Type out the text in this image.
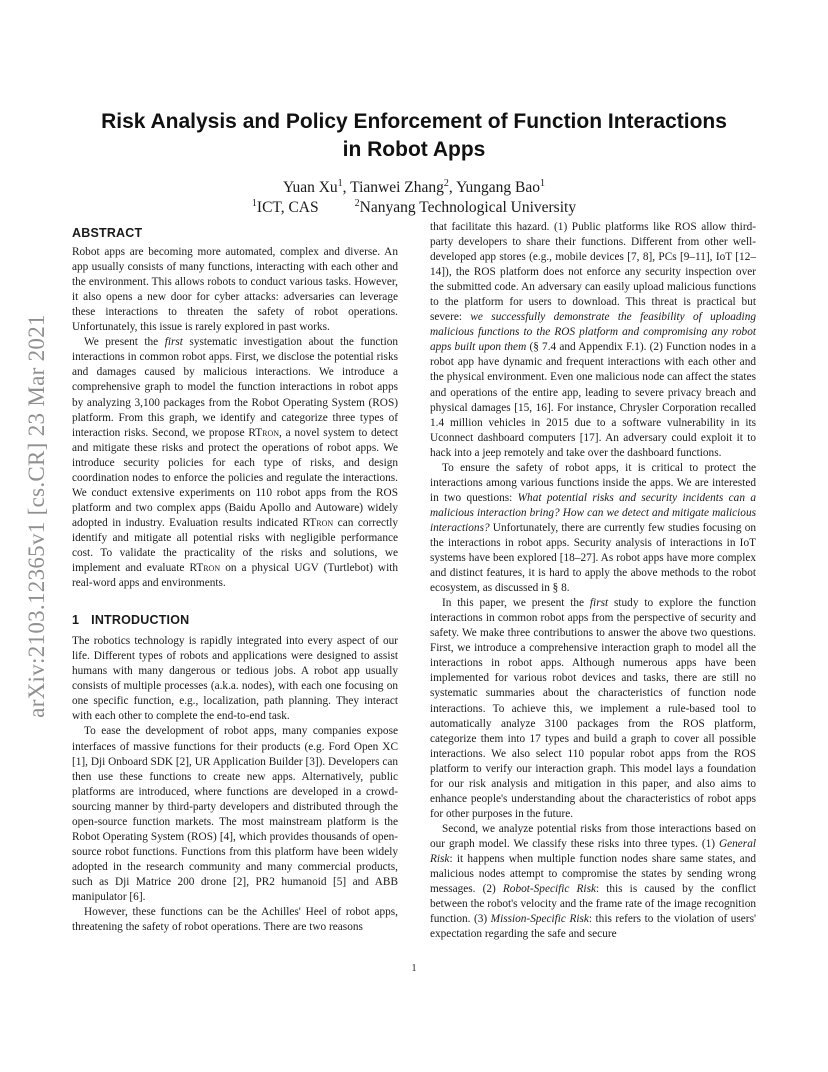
arXiv:2103.12365v1 [cs.CR] 23 Mar 2021
Risk Analysis and Policy Enforcement of Function Interactions
in Robot Apps
Yuan Xu$^1$, Tianwei Zhang$^2$, Yungang Bao$^1$
$^1$ICT, CAS	$^2$Nanyang Technological University
ABSTRACT

Robot apps are becoming more automated, complex and diverse. An app usually consists of many functions, interacting with each other and the environment. This allows robots to conduct various tasks. However, it also opens a new door for cyber attacks: adversaries can leverage these interactions to threaten the safety of robot operations. Unfortunately, this issue is rarely explored in past works.

We present the first systematic investigation about the function interactions in common robot apps. First, we disclose the potential risks and damages caused by malicious interactions. We introduce a comprehensive graph to model the function interactions in robot apps by analyzing 3,100 packages from the Robot Operating System (ROS) platform. From this graph, we identify and categorize three types of interaction risks. Second, we propose RTron, a novel system to detect and mitigate these risks and protect the operations of robot apps. We introduce security policies for each type of risks, and design coordination nodes to enforce the policies and regulate the interactions. We conduct extensive experiments on 110 robot apps from the ROS platform and two complex apps (Baidu Apollo and Autoware) widely adopted in industry. Evaluation results indicated RTron can correctly identify and mitigate all potential risks with negligible performance cost. To validate the practicality of the risks and solutions, we implement and evaluate RTron on a physical UGV (Turtlebot) with real-word apps and environments.

1 INTRODUCTION

The robotics technology is rapidly integrated into every aspect of our life. Different types of robots and applications were designed to assist humans with many dangerous or tedious jobs. A robot app usually consists of multiple processes (a.k.a. nodes), with each one focusing on one specific function, e.g., localization, path planning. They interact with each other to complete the end-to-end task.

To ease the development of robot apps, many companies expose interfaces of massive functions for their products (e.g. Ford Open XC [1], Dji Onboard SDK [2], UR Application Builder [3]). Developers can then use these functions to create new apps. Alternatively, public platforms are introduced, where functions are developed in a crowd-sourcing manner by third-party developers and distributed through the open-source function markets. The most mainstream platform is the Robot Operating System (ROS) [4], which provides thousands of open-source robot functions. Functions from this platform have been widely adopted in the research community and many commercial products, such as Dji Matrice 200 drone [2], PR2 humanoid [5] and ABB manipulator [6].

However, these functions can be the Achilles' Heel of robot apps, threatening the safety of robot operations. There are two reasons

that facilitate this hazard. (1) Public platforms like ROS allow third-party developers to share their functions. Different from other well-developed app stores (e.g., mobile devices [7, 8], PCs [9–11], IoT [12–14]), the ROS platform does not enforce any security inspection over the submitted code. An adversary can easily upload malicious functions to the platform for users to download. This threat is practical but severe: we successfully demonstrate the feasibility of uploading malicious functions to the ROS platform and compromising any robot apps built upon them (§ 7.4 and Appendix F.1). (2) Function nodes in a robot app have dynamic and frequent interactions with each other and the physical environment. Even one malicious node can affect the states and operations of the entire app, leading to severe privacy breach and physical damages [15, 16]. For instance, Chrysler Corporation recalled 1.4 million vehicles in 2015 due to a software vulnerability in its Uconnect dashboard computers [17]. An adversary could exploit it to hack into a jeep remotely and take over the dashboard functions.

To ensure the safety of robot apps, it is critical to protect the interactions among various functions inside the apps. We are interested in two questions: What potential risks and security incidents can a malicious interaction bring? How can we detect and mitigate malicious interactions? Unfortunately, there are currently few studies focusing on the interactions in robot apps. Security analysis of interactions in IoT systems have been explored [18–27]. As robot apps have more complex and distinct features, it is hard to apply the above methods to the robot ecosystem, as discussed in § 8.

In this paper, we present the first study to explore the function interactions in common robot apps from the perspective of security and safety. We make three contributions to answer the above two questions. First, we introduce a comprehensive interaction graph to model all the interactions in robot apps. Although numerous apps have been implemented for various robot devices and tasks, there are still no systematic summaries about the characteristics of function node interactions. To achieve this, we implement a rule-based tool to automatically analyze 3100 packages from the ROS platform, categorize them into 17 types and build a graph to cover all possible interactions. We also select 110 popular robot apps from the ROS platform to verify our interaction graph. This model lays a foundation for our risk analysis and mitigation in this paper, and also aims to enhance people's understanding about the characteristics of robot apps for other purposes in the future.

Second, we analyze potential risks from those interactions based on our graph model. We classify these risks into three types. (1) General Risk: it happens when multiple function nodes share same states, and malicious nodes attempt to compromise the states by sending wrong messages. (2) Robot-Specific Risk: this is caused by the conflict between the robot's velocity and the frame rate of the image recognition function. (3) Mission-Specific Risk: this refers to the violation of users' expectation regarding the safe and secure

1
